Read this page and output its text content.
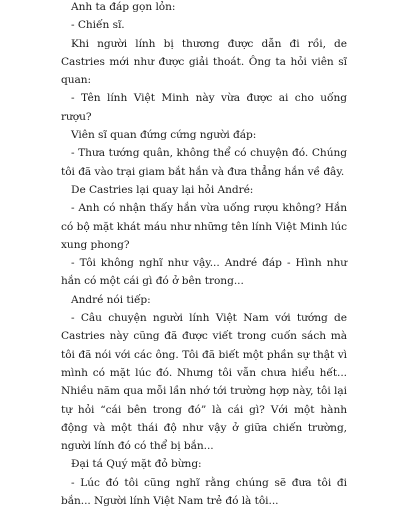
Anh ta đáp gọn lỏn:

- Chiến sĩ.

Khi người lính bị thương được dẫn đi rồi, de Castries mới như được giải thoát. Ông ta hỏi viên sĩ quan:

- Tên lính Việt Minh này vừa được ai cho uống rượu?

Viên sĩ quan đứng cứng người đáp:

- Thưa tướng quân, không thể có chuyện đó. Chúng tôi đã vào trại giam bắt hắn và đưa thẳng hắn về đây.

De Castries lại quay lại hỏi André:

- Anh có nhận thấy hắn vừa uống rượu không? Hắn có bộ mặt khát máu như những tên lính Việt Minh lúc xung phong?

- Tôi không nghĩ như vậy... André đáp - Hình như hắn có một cái gì đó ở bên trong...

André nói tiếp:

- Câu chuyện người lính Việt Nam với tướng de Castries này cũng đã được viết trong cuốn sách mà tôi đã nói với các ông. Tôi đã biết một phần sự thật vì mình có mặt lúc đó. Nhưng tôi vẫn chưa hiểu hết... Nhiều năm qua mỗi lần nhớ tới trường hợp này, tôi lại tự hỏi “cái bên trong đó” là cái gì? Với một hành động và một thái độ như vậy ở giữa chiến trường, người lính đó có thể bị bắn...

Đại tá Quý mặt đỏ bừng:

- Lúc đó tôi cũng nghĩ rằng chúng sẽ đưa tôi đi bắn... Người lính Việt Nam trẻ đó là tôi...
